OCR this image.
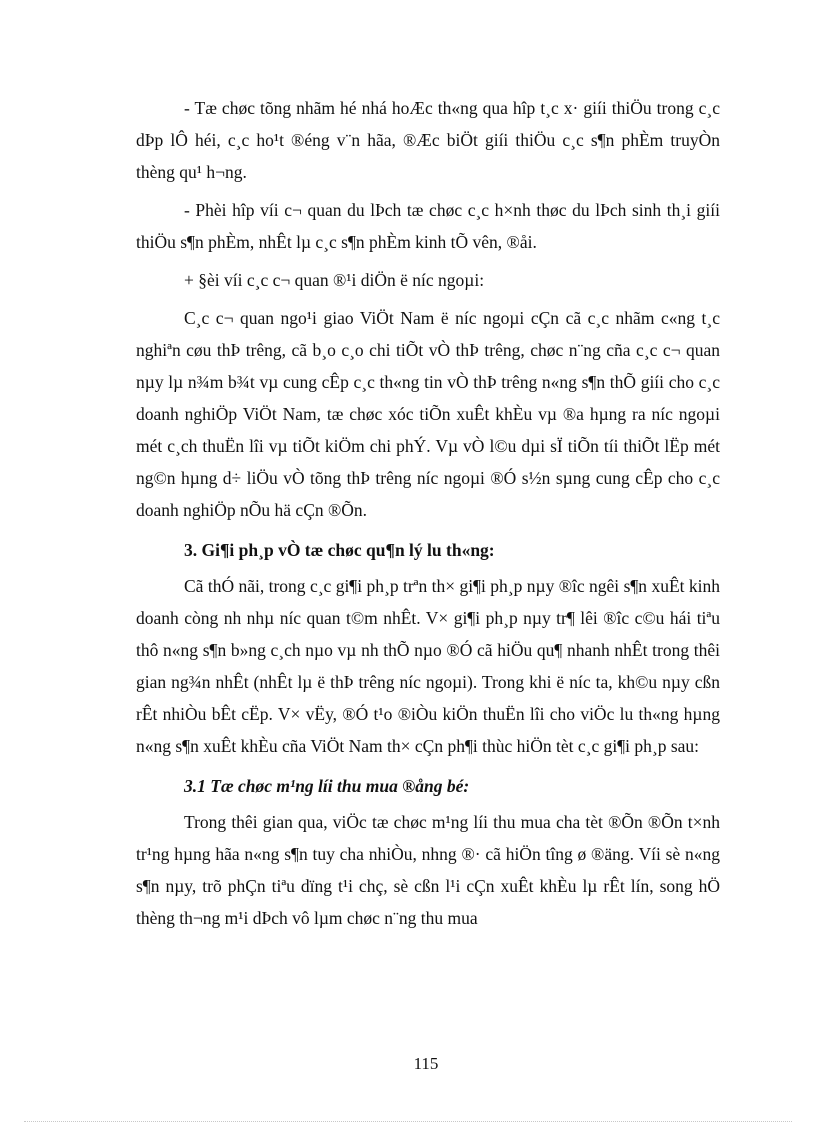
- Tæ chøc tõng nhãm hé nhá hoÆc th«ng qua hîp t¸c x· giíi thiÖu trong c¸c dÞp lÔ héi, c¸c ho¹t ®éng v¨n hãa, ®Æc biÖt giíi thiÖu c¸c s¶n phÈm truyÒn thèng qu¹ h¬ng.

- Phèi hîp víi c¬ quan du lÞch tæ chøc c¸c h×nh thøc du lÞch sinh th¸i giíi thiÖu s¶n phÈm, nhÊt lµ c¸c s¶n phÈm kinh tÕ vên, ®åi.

+ §èi víi c¸c c¬ quan ®¹i diÖn ë níc ngoµi:

C¸c c¬ quan ngo¹i giao ViÖt Nam ë níc ngoµi cÇn cã c¸c nhãm c«ng t¸c nghiªn cøu thÞ trêng, cã b¸o c¸o chi tiÕt vÒ thÞ trêng, chøc n¨ng cña c¸c c¬ quan nµy lµ n¾m b¾t vµ cung cÊp c¸c th«ng tin vÒ thÞ trêng n«ng s¶n thÕ giíi cho c¸c doanh nghiÖp ViÖt Nam, tæ chøc xóc tiÕn xuÊt khÈu vµ ®a hµng ra níc ngoµi mét c¸ch thuËn lîi vµ tiÕt kiÖm chi phÝ. Vµ vÒ l©u dµi sÏ tiÕn tíi thiÕt lËp mét ng©n hµng d÷ liÖu vÒ tõng thÞ trêng níc ngoµi ®Ó s½n sµng cung cÊp cho c¸c doanh nghiÖp nÕu hä cÇn ®Õn.

3. Gi¶i ph¸p vÒ tæ chøc qu¶n lý lu th«ng:

Cã thÓ nãi, trong c¸c gi¶i ph¸p trªn th× gi¶i ph¸p nµy ®îc ngêi s¶n xuÊt kinh doanh còng nh nhµ níc quan t©m nhÊt. V× gi¶i ph¸p nµy tr¶ lêi ®îc c©u hái tiªu thô n«ng s¶n b»ng c¸ch nµo vµ nh thÕ nµo ®Ó cã hiÖu qu¶ nhanh nhÊt trong thêi gian ng¾n nhÊt (nhÊt lµ ë thÞ trêng níc ngoµi). Trong khi ë níc ta, kh©u nµy cßn rÊt nhiÒu bÊt cËp. V× vËy, ®Ó t¹o ®iÒu kiÖn thuËn lîi cho viÖc lu th«ng hµng n«ng s¶n xuÊt khÈu cña ViÖt Nam th× cÇn ph¶i thùc hiÖn tèt c¸c gi¶i ph¸p sau:

3.1 Tæ chøc m¹ng líi thu mua ®ång bé:

Trong thêi gian qua, viÖc tæ chøc m¹ng líi thu mua cha tèt ®Õn ®Õn t×nh tr¹ng hµng hãa n«ng s¶n tuy cha nhiÒu, nhng ®· cã hiÖn tîng ø ®äng. Víi sè n«ng s¶n nµy, trõ phÇn tiªu dïng t¹i chç, sè cßn l¹i cÇn xuÊt khÈu lµ rÊt lín, song hÖ thèng th¬ng m¹i dÞch vô lµm chøc n¨ng thu mua

115
